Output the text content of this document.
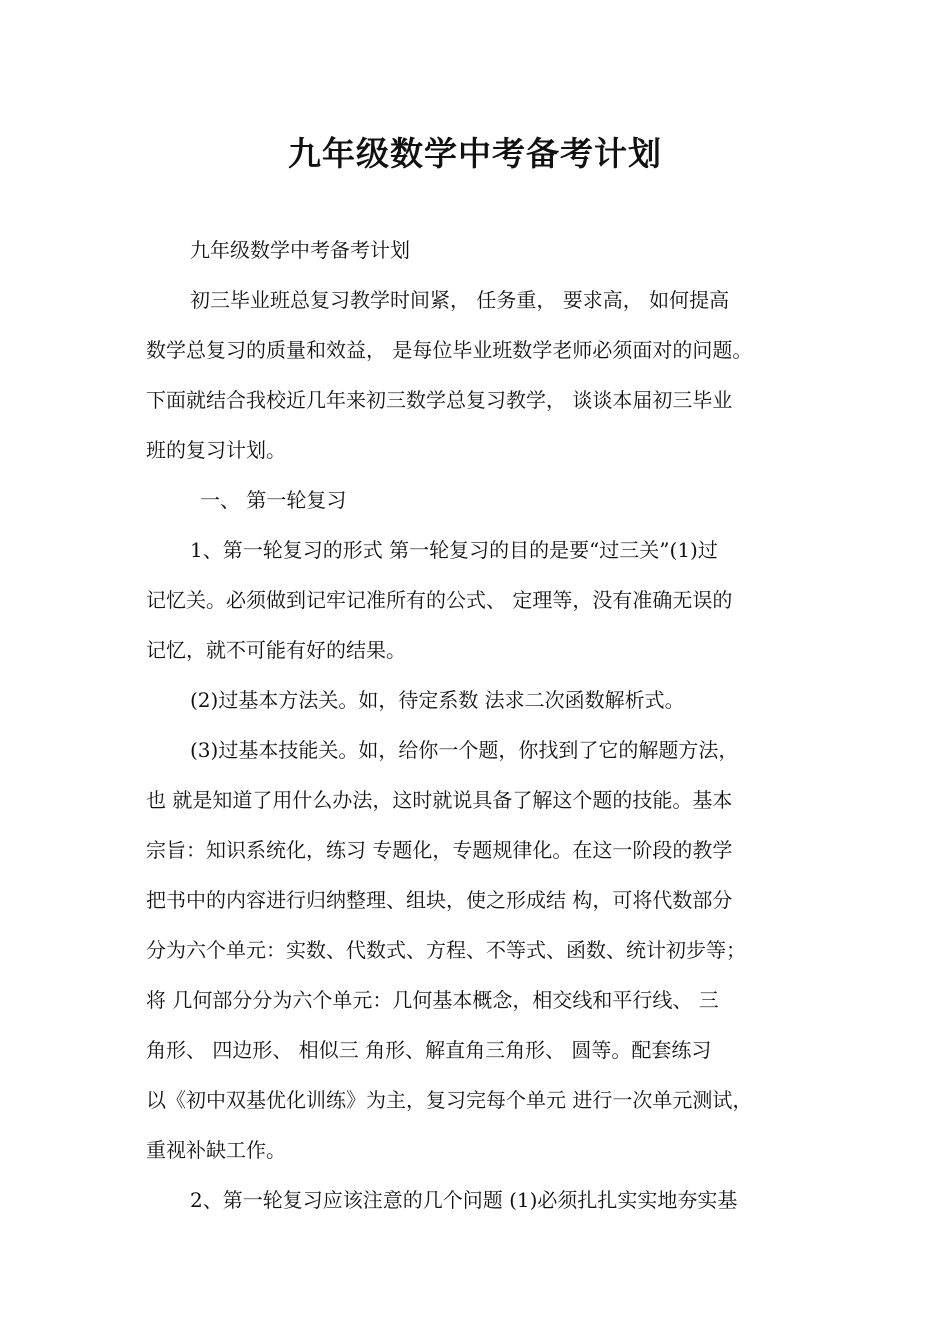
九年级数学中考备考计划
九年级数学中考备考计划
初三毕业班总复习教学时间紧， 任务重， 要求高， 如何提高
数学总复习的质量和效益， 是每位毕业班数学老师必须面对的问题。
下面就结合我校近几年来初三数学总复习教学， 谈谈本届初三毕业
班的复习计划。
一、 第一轮复习
1、第一轮复习的形式 第一轮复习的目的是要“过三关”(1)过
记忆关。必须做到记牢记准所有的公式、 定理等，没有准确无误的
记忆，就不可能有好的结果。
(2)过基本方法关。如，待定系数 法求二次函数解析式。
(3)过基本技能关。如，给你一个题，你找到了它的解题方法，
也 就是知道了用什么办法，这时就说具备了解这个题的技能。基本
宗旨：知识系统化，练习 专题化，专题规律化。在这一阶段的教学
把书中的内容进行归纳整理、组块，使之形成结 构，可将代数部分
分为六个单元：实数、代数式、方程、不等式、函数、统计初步等；
将 几何部分分为六个单元：几何基本概念，相交线和平行线、 三
角形、 四边形、 相似三 角形、解直角三角形、 圆等。配套练习
以《初中双基优化训练》为主，复习完每个单元 进行一次单元测试，
重视补缺工作。
2、第一轮复习应该注意的几个问题 (1)必须扎扎实实地夯实基
